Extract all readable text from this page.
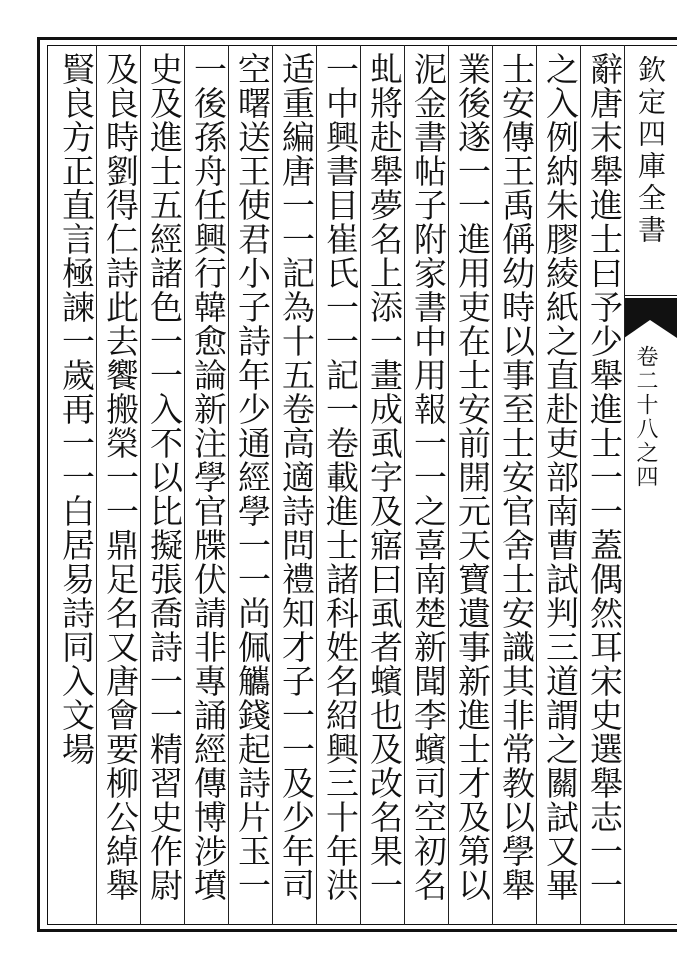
欽定四庫全書
卷二十八之四
辭唐末舉進士曰予少舉進士一一蓋偶然耳宋史選舉志一一
之入例納朱膠綾紙之直赴吏部南曹試判三道謂之關試又畢
士安傳王禹偁幼時以事至士安官舍士安識其非常教以學舉
業後遂一一進用吏在士安前開元天寶遺事新進士才及第以
泥金書帖子附家書中用報一一之喜南楚新聞李蠙司空初名
虬將赴舉夢名上添一畫成虱字及寤曰虱者蠙也及改名果一
一中興書目崔氏一一記一卷載進士諸科姓名紹興三十年洪
适重編唐一一記為十五卷高適詩問禮知才子一一及少年司
空曙送王使君小子詩年少通經學一一尚佩觿錢起詩片玉一
一後孫舟任興行韓愈論新注學官牒伏請非專誦經傳博涉墳
史及進士五經諸色一一入不以比擬張喬詩一一精習史作尉
及良時劉得仁詩此去饗搬榮一一鼎足名又唐會要柳公綽舉
賢良方正直言極諫一歲再一一白居易詩同入文場
